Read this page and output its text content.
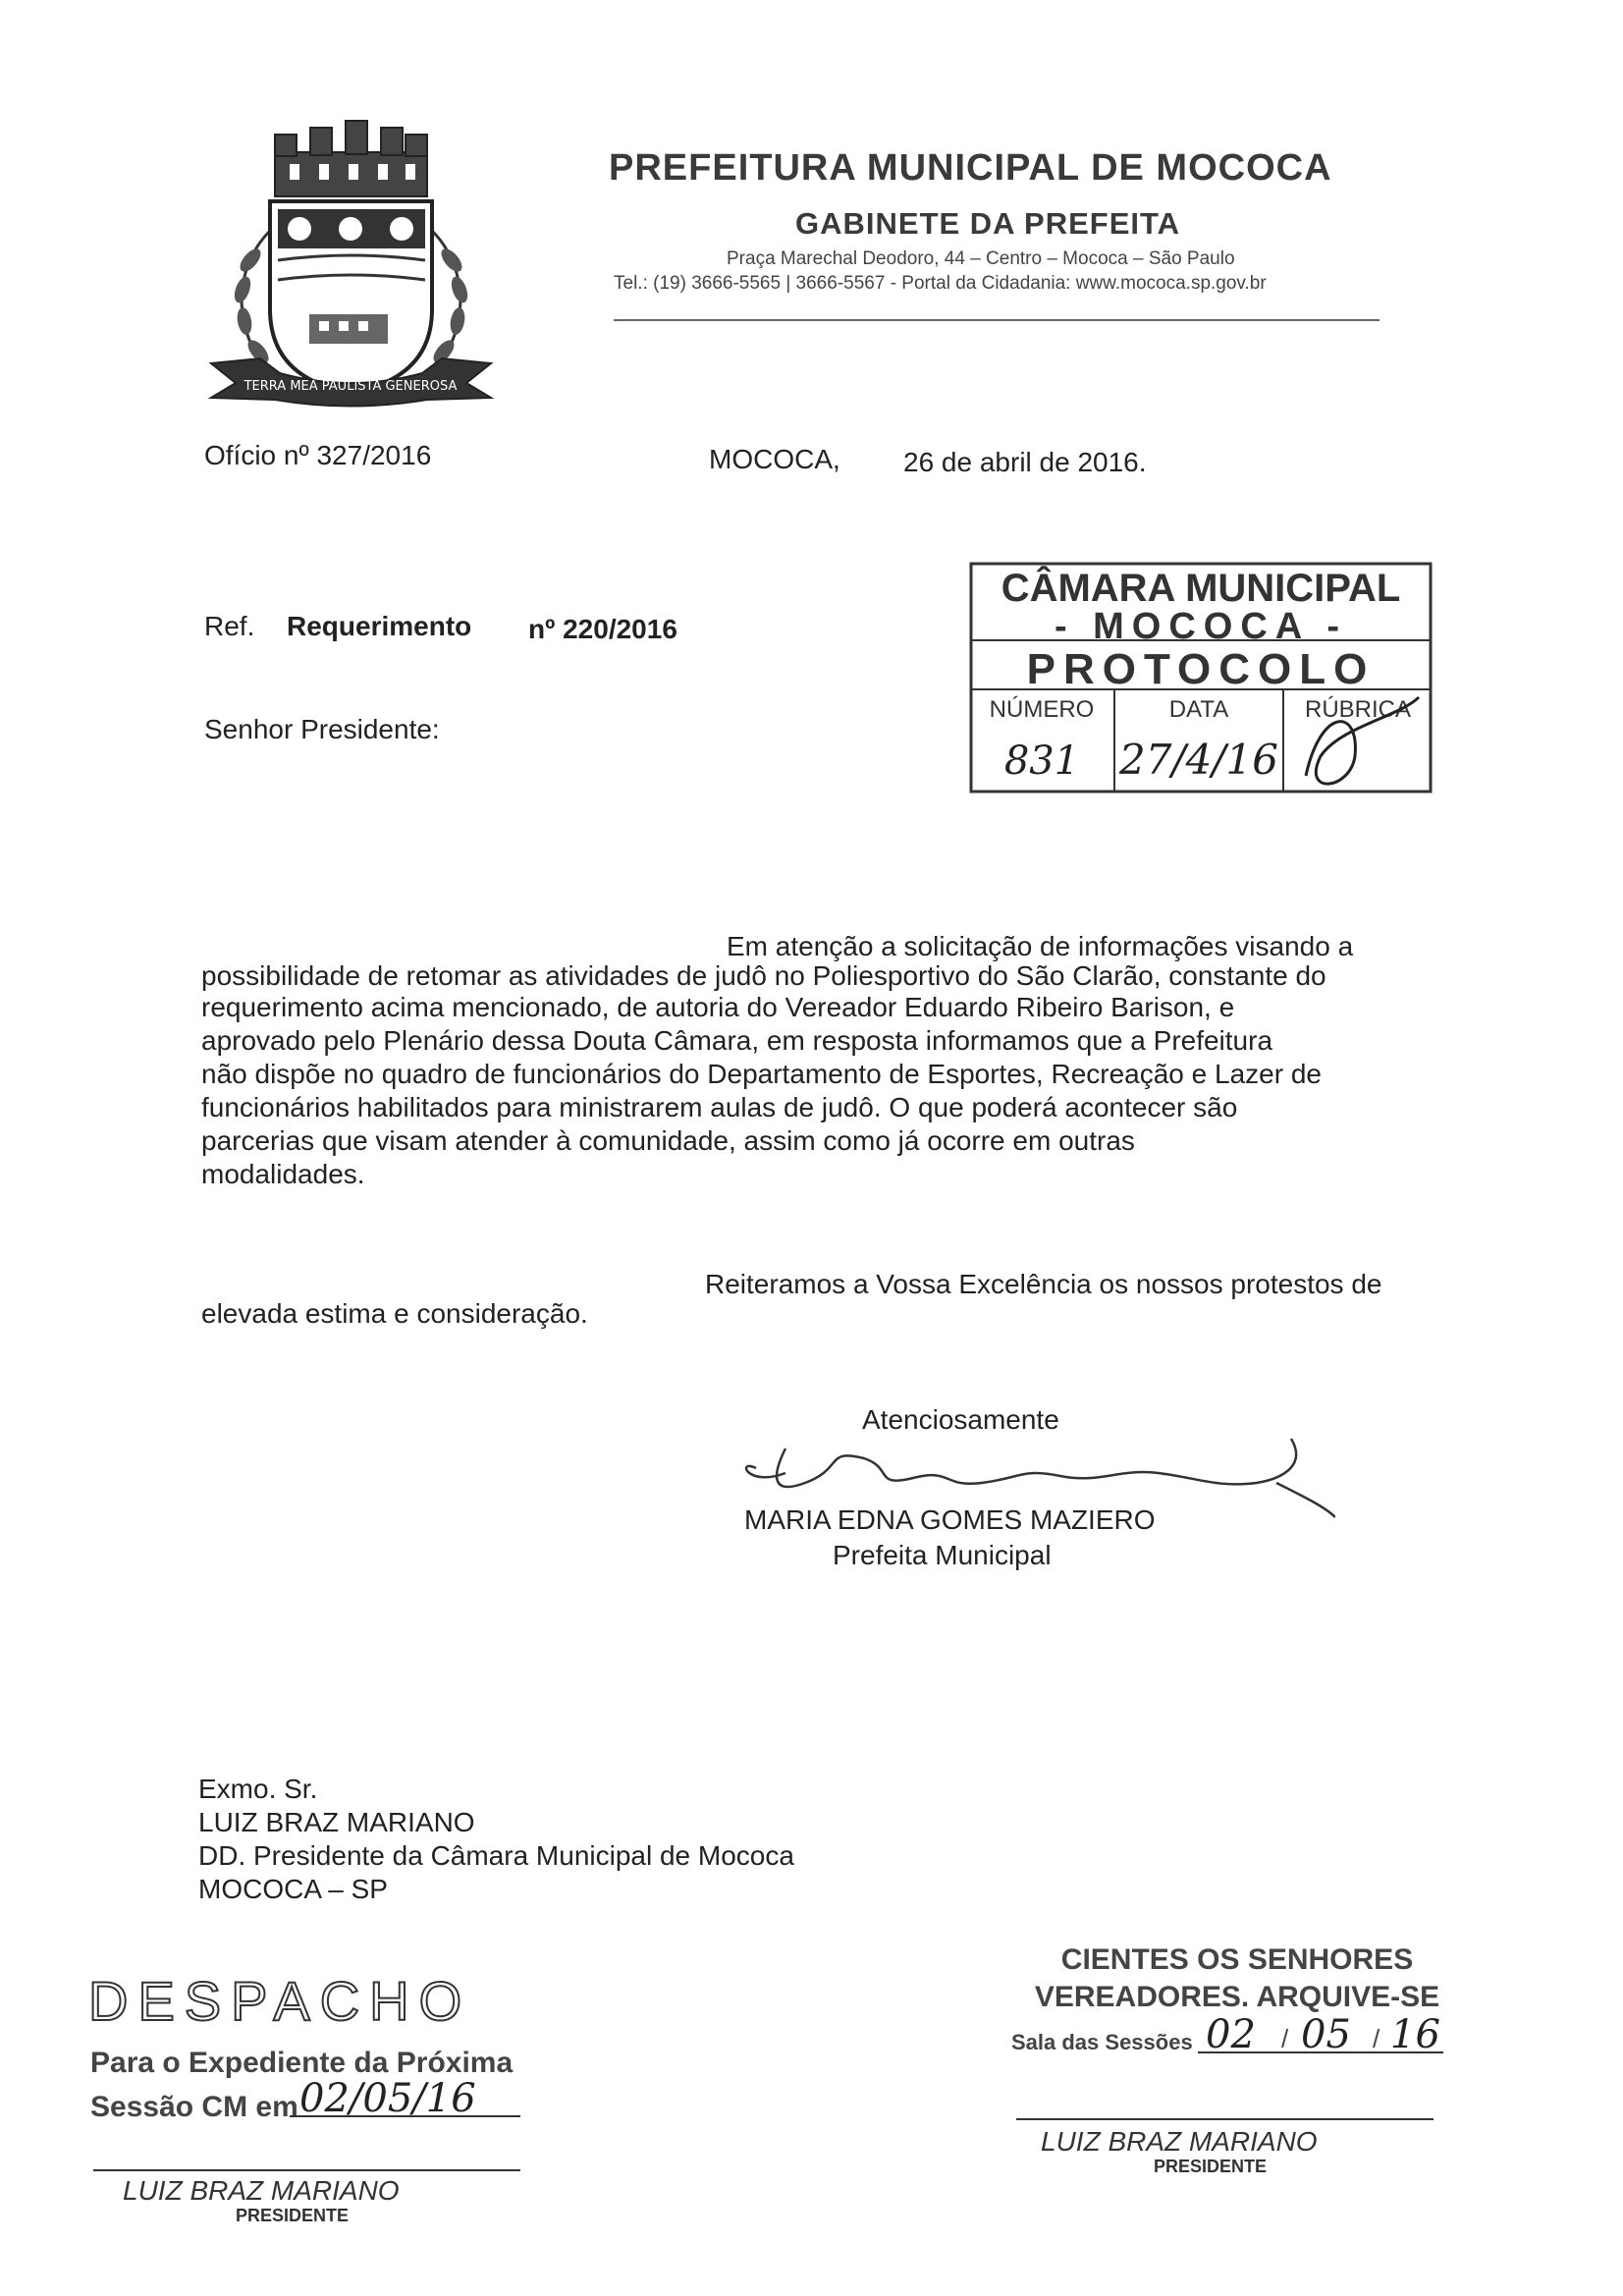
TERRA MEA PAULISTA GENEROSA
PREFEITURA MUNICIPAL DE MOCOCA
GABINETE DA PREFEITA
Praça Marechal Deodoro, 44 – Centro – Mococa – São Paulo
Tel.: (19) 3666-5565 | 3666-5567 - Portal da Cidadania: www.mococa.sp.gov.br
Ofício nº 327/2016	MOCOCA, 26 de abril de 2016.
Ref. Requerimento nº 220/2016
Senhor Presidente:
CÂMARA MUNICIPAL
- MOCOCA -
PROTOCOLO
NÚMERO	DATA	RÚBRICA
831 27/4/16
Em atenção a solicitação de informações visando a
possibilidade de retomar as atividades de judô no Poliesportivo do São Clarão, constante do
requerimento acima mencionado, de autoria do Vereador Eduardo Ribeiro Barison, e
aprovado pelo Plenário dessa Douta Câmara, em resposta informamos que a Prefeitura
não dispõe no quadro de funcionários do Departamento de Esportes, Recreação e Lazer de
funcionários habilitados para ministrarem aulas de judô. O que poderá acontecer são
parcerias que visam atender à comunidade, assim como já ocorre em outras
modalidades.
Reiteramos a Vossa Excelência os nossos protestos de
elevada estima e consideração.
Atenciosamente
MARIA EDNA GOMES MAZIERO
Prefeita Municipal
Exmo. Sr.
LUIZ BRAZ MARIANO
DD. Presidente da Câmara Municipal de Mococa
MOCOCA – SP
DESPACHO
Para o Expediente da Próxima
Sessão CM em 02/05/16
LUIZ BRAZ MARIANO
PRESIDENTE
CIENTES OS SENHORES
VEREADORES. ARQUIVE-SE
Sala das Sessões 02 / 05 / 16
LUIZ BRAZ MARIANO
PRESIDENTE
